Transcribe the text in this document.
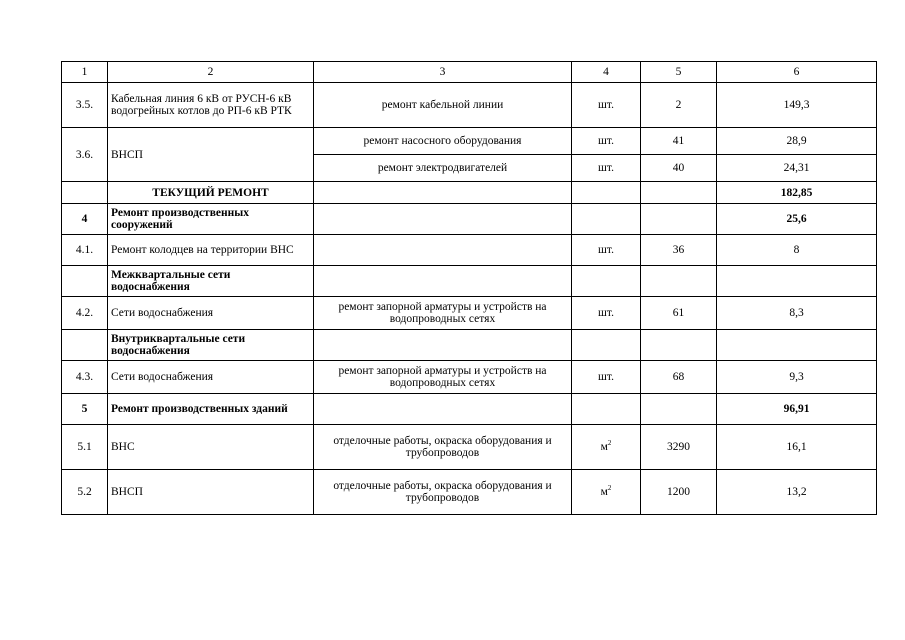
1	2	3	4	5	6
3.5.	Кабельная линия 6 кВ от РУСН-6 кВ водогрейных котлов до РП-6 кВ РТК	ремонт кабельной линии	шт.	2	149,3
3.6.	ВНСП	ремонт насосного оборудования	шт.	41	28,9
		ремонт электродвигателей	шт.	40	24,31
	ТЕКУЩИЙ РЕМОНТ				182,85
4	Ремонт производственных сооружений				25,6
4.1.	Ремонт колодцев на территории ВНС		шт.	36	8
	Межквартальные сети водоснабжения				
4.2.	Сети водоснабжения	ремонт запорной арматуры и устройств на водопроводных сетях	шт.	61	8,3
	Внутриквартальные сети водоснабжения				
4.3.	Сети водоснабжения	ремонт запорной арматуры и устройств на водопроводных сетях	шт.	68	9,3
5	Ремонт производственных зданий				96,91
5.1	ВНС	отделочные работы, окраска оборудования и трубопроводов	$м^2$	3290	16,1
5.2	ВНСП	отделочные работы, окраска оборудования и трубопроводов	$м^2$	1200	13,2
